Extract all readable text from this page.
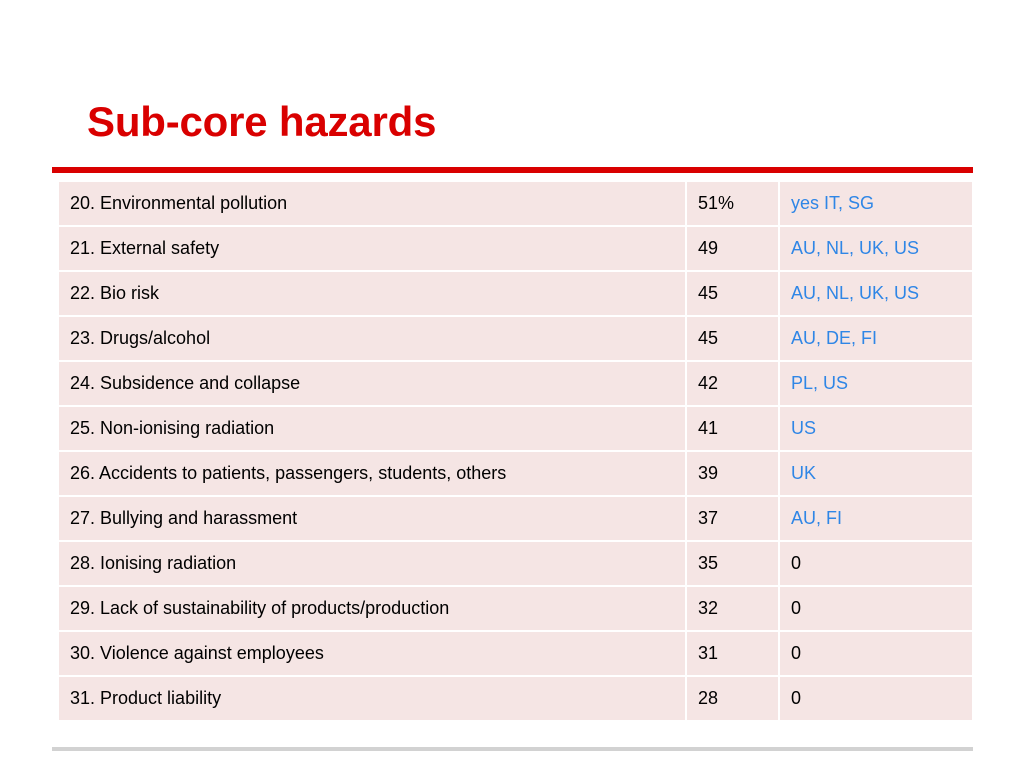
Sub-core hazards
20. Environmental pollution	51%	yes IT, SG
21. External safety	49	AU, NL, UK, US
22. Bio risk	45	AU, NL, UK, US
23. Drugs/alcohol	45	AU, DE, FI
24. Subsidence and collapse	42	PL, US
25. Non-ionising radiation	41	US
26. Accidents to patients, passengers, students, others	39	UK
27. Bullying and harassment	37	AU, FI
28. Ionising radiation	35	0
29. Lack of sustainability of products/production	32	0
30. Violence against employees	31	0
31. Product liability	28	0
